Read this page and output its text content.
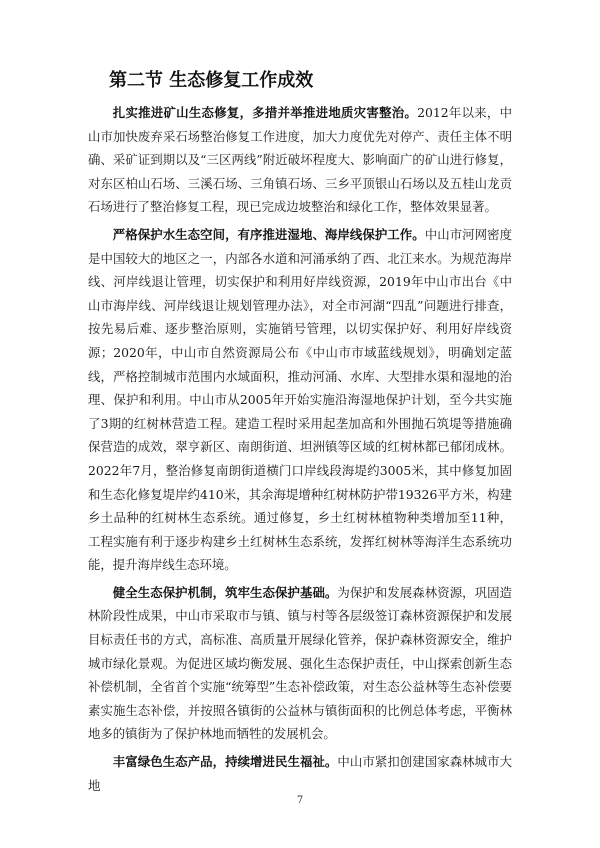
第二节 生态修复工作成效

扎实推进矿山生态修复，多措并举推进地质灾害整治。2012年以来，中山市加快废弃采石场整治修复工作进度，加大力度优先对停产、责任主体不明确、采矿证到期以及“三区两线”附近破坏程度大、影响面广的矿山进行修复，对东区柏山石场、三溪石场、三角镇石场、三乡平顶银山石场以及五桂山龙贡石场进行了整治修复工程，现已完成边坡整治和绿化工作，整体效果显著。

严格保护水生态空间，有序推进湿地、海岸线保护工作。中山市河网密度是中国较大的地区之一，内部各水道和河涌承纳了西、北江来水。为规范海岸线、河岸线退让管理，切实保护和利用好岸线资源，2019年中山市出台《中山市海岸线、河岸线退让规划管理办法》，对全市河湖“四乱”问题进行排查，按先易后难、逐步整治原则，实施销号管理，以切实保护好、利用好岸线资源；2020年，中山市自然资源局公布《中山市市域蓝线规划》，明确划定蓝线，严格控制城市范围内水域面积，推动河涌、水库、大型排水渠和湿地的治理、保护和利用。中山市从2005年开始实施沿海湿地保护计划，至今共实施了3期的红树林营造工程。建造工程时采用起垄加高和外围抛石筑堤等措施确保营造的成效，翠亨新区、南朗街道、坦洲镇等区域的红树林都已郁闭成林。2022年7月，整治修复南朗街道横门口岸线段海堤约3005米，其中修复加固和生态化修复堤岸约410米，其余海堤增种红树林防护带19326平方米，构建乡土品种的红树林生态系统。通过修复，乡土红树林植物种类增加至11种，工程实施有利于逐步构建乡土红树林生态系统，发挥红树林等海洋生态系统功能，提升海岸线生态环境。

健全生态保护机制，筑牢生态保护基础。为保护和发展森林资源，巩固造林阶段性成果，中山市采取市与镇、镇与村等各层级签订森林资源保护和发展目标责任书的方式，高标准、高质量开展绿化管养，保护森林资源安全，维护城市绿化景观。为促进区域均衡发展、强化生态保护责任，中山探索创新生态补偿机制，全省首个实施“统筹型”生态补偿政策，对生态公益林等生态补偿要素实施生态补偿，并按照各镇街的公益林与镇街面积的比例总体考虑，平衡林地多的镇街为了保护林地而牺牲的发展机会。

丰富绿色生态产品，持续增进民生福祉。中山市紧扣创建国家森林城市大地

7
